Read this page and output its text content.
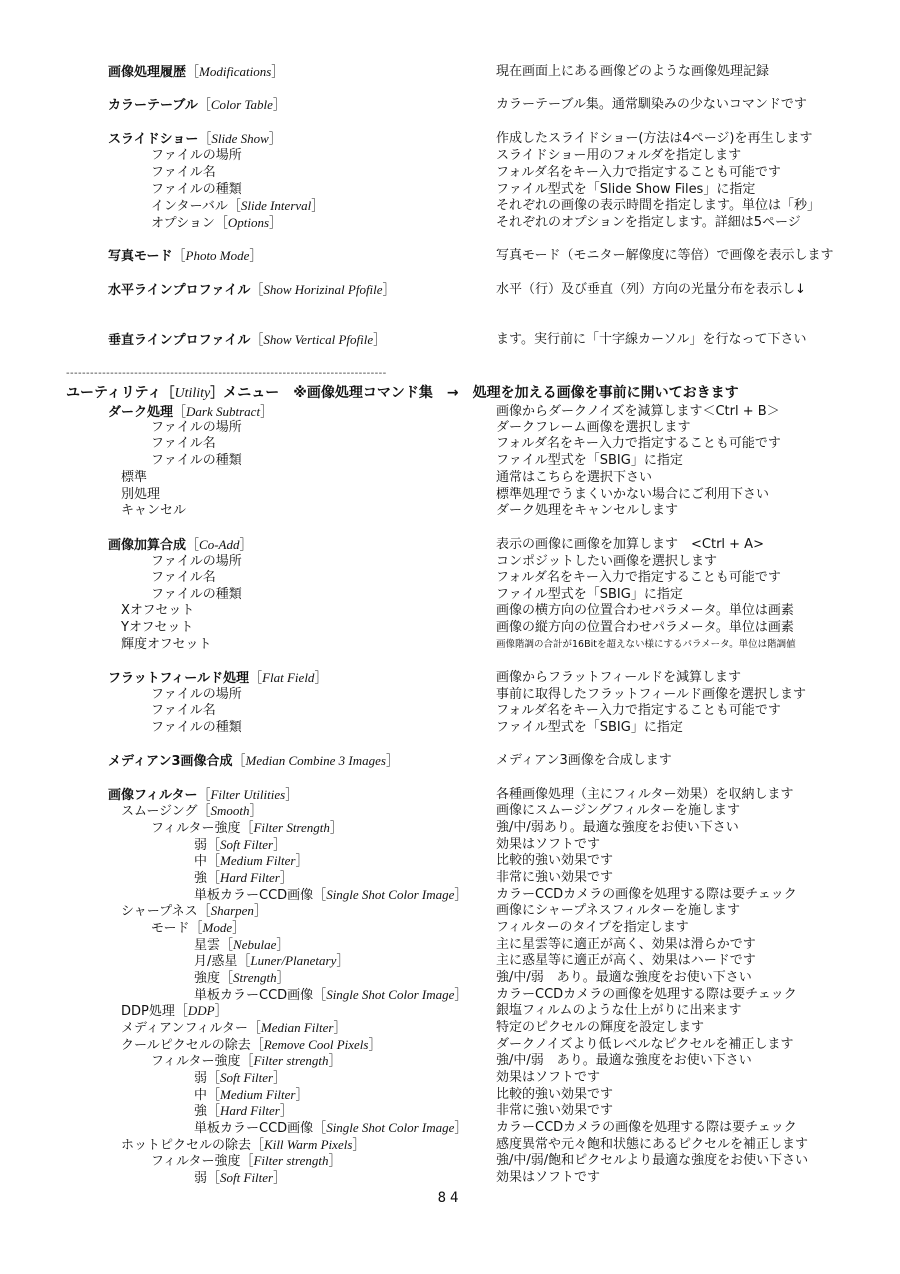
--------------------------------------------------------------------------------
ユーティリティ［Utility］メニュー　 ※画像処理コマンド集　→　処理を加える画像を事前に開いておきます
画像処理履歴［Modifications］	現在画面上にある画像どのような画像処理記録
カラーテーブル［Color Table］	カラーテーブル集。通常馴染みの少ないコマンドです
スライドショー［Slide Show］	作成したスライドショー(方法は4ページ)を再生します
ファイルの場所	スライドショー用のフォルダを指定します
ファイル名	フォルダ名をキー入力で指定することも可能です
ファイルの種類	ファイル型式を「Slide Show Files」に指定
インターバル［Slide Interval］	それぞれの画像の表示時間を指定します。単位は「秒」
オプション［Options］	それぞれのオプションを指定します。詳細は5ページ
写真モード［Photo Mode］	写真モード（モニター解像度に等倍）で画像を表示します
水平ラインプロファイル［Show Horizinal Pfofile］	水平（行）及び垂直（列）方向の光量分布を表示し↓
垂直ラインプロファイル［Show Vertical Pfofile］	ます。実行前に「十字線カーソル」を行なって下さい
ダーク処理［Dark Subtract］	画像からダークノイズを減算します＜Ctrl + B＞
ファイルの場所	ダークフレーム画像を選択します
ファイル名	フォルダ名をキー入力で指定することも可能です
ファイルの種類	ファイル型式を「SBIG」に指定
標準	通常はこちらを選択下さい
別処理	標準処理でうまくいかない場合にご利用下さい
キャンセル	ダーク処理をキャンセルします
画像加算合成［Co-Add］	表示の画像に画像を加算します　<Ctrl + A>
ファイルの場所	コンポジットしたい画像を選択します
ファイル名	フォルダ名をキー入力で指定することも可能です
ファイルの種類	ファイル型式を「SBIG」に指定
Xオフセット	画像の横方向の位置合わせパラメータ。単位は画素
Yオフセット	画像の縦方向の位置合わせパラメータ。単位は画素
輝度オフセット	画像階調の合計が16Bitを超えない様にするパラメータ。単位は階調値
フラットフィールド処理［Flat Field］	画像からフラットフィールドを減算します
ファイルの場所	事前に取得したフラットフィールド画像を選択します
ファイル名	フォルダ名をキー入力で指定することも可能です
ファイルの種類	ファイル型式を「SBIG」に指定
メディアン3画像合成［Median Combine 3 Images］	メディアン3画像を合成します
画像フィルター［Filter Utilities］	各種画像処理（主にフィルター効果）を収納します
スムージング［Smooth］	画像にスムージングフィルターを施します
フィルター強度［Filter Strength］	強/中/弱あり。最適な強度をお使い下さい
弱［Soft Filter］	効果はソフトです
中［Medium Filter］	比較的強い効果です
強［Hard Filter］	非常に強い効果です
単板カラーCCD画像［Single Shot Color Image］ カラーCCDカメラの画像を処理する際は要チェック
シャープネス［Sharpen］	画像にシャープネスフィルターを施します
モード［Mode］	フィルターのタイプを指定します
星雲［Nebulae］	主に星雲等に適正が高く、効果は滑らかです
月/惑星［Luner/Planetary］	主に惑星等に適正が高く、効果はハードです
強度［Strength］	強/中/弱　あり。最適な強度をお使い下さい
単板カラーCCD画像［Single Shot Color Image］ カラーCCDカメラの画像を処理する際は要チェック
DDP処理［DDP］	銀塩フィルムのような仕上がりに出来ます
メディアンフィルター［Median Filter］	特定のピクセルの輝度を設定します
クールピクセルの除去［Remove Cool Pixels］	ダークノイズより低レベルなピクセルを補正します
フィルター強度［Filter strength］	強/中/弱　あり。最適な強度をお使い下さい
弱［Soft Filter］	効果はソフトです
中［Medium Filter］	比較的強い効果です
強［Hard Filter］	非常に強い効果です
単板カラーCCD画像［Single Shot Color Image］ カラーCCDカメラの画像を処理する際は要チェック
ホットピクセルの除去［Kill Warm Pixels］	感度異常や元々飽和状態にあるピクセルを補正します
フィルター強度［Filter strength］	強/中/弱/飽和ピクセルより最適な強度をお使い下さい
弱［Soft Filter］	効果はソフトです
84
